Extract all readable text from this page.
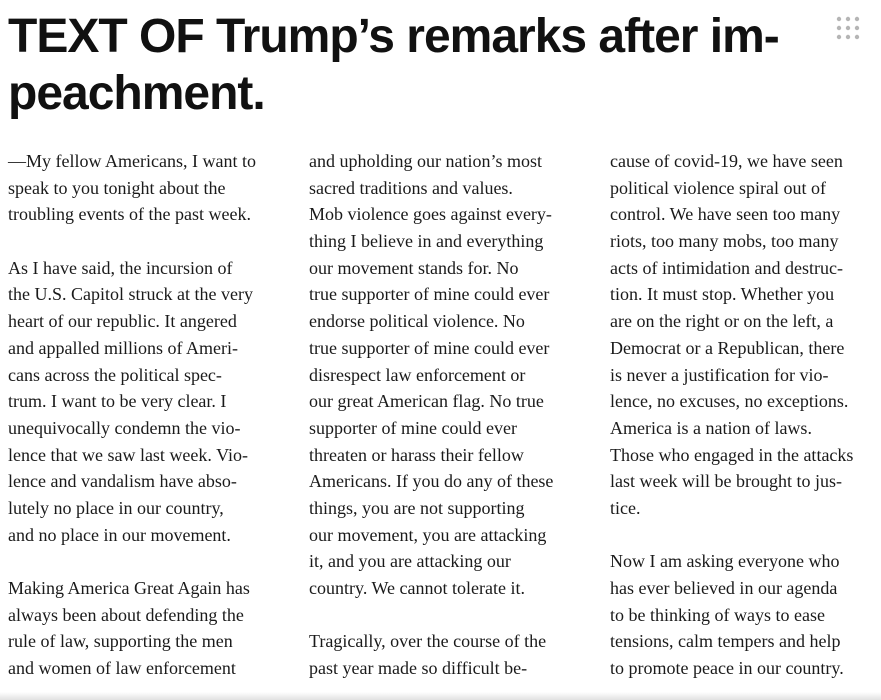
TEXT OF Trump’s remarks after im-
peachment.
—My fellow Americans, I want to
speak to you tonight about the
troubling events of the past week.
As I have said, the incursion of
the U.S. Capitol struck at the very
heart of our republic. It angered
and appalled millions of Ameri-
cans across the political spec-
trum. I want to be very clear. I
unequivocally condemn the vio-
lence that we saw last week. Vio-
lence and vandalism have abso-
lutely no place in our country,
and no place in our movement.
Making America Great Again has
always been about defending the
rule of law, supporting the men
and women of law enforcement
and upholding our nation’s most
sacred traditions and values.
Mob violence goes against every-
thing I believe in and everything
our movement stands for. No
true supporter of mine could ever
endorse political violence. No
true supporter of mine could ever
disrespect law enforcement or
our great American flag. No true
supporter of mine could ever
threaten or harass their fellow
Americans. If you do any of these
things, you are not supporting
our movement, you are attacking
it, and you are attacking our
country. We cannot tolerate it.
Tragically, over the course of the
past year made so difficult be-
cause of covid-19, we have seen
political violence spiral out of
control. We have seen too many
riots, too many mobs, too many
acts of intimidation and destruc-
tion. It must stop. Whether you
are on the right or on the left, a
Democrat or a Republican, there
is never a justification for vio-
lence, no excuses, no exceptions.
America is a nation of laws.
Those who engaged in the attacks
last week will be brought to jus-
tice.
Now I am asking everyone who
has ever believed in our agenda
to be thinking of ways to ease
tensions, calm tempers and help
to promote peace in our country.
